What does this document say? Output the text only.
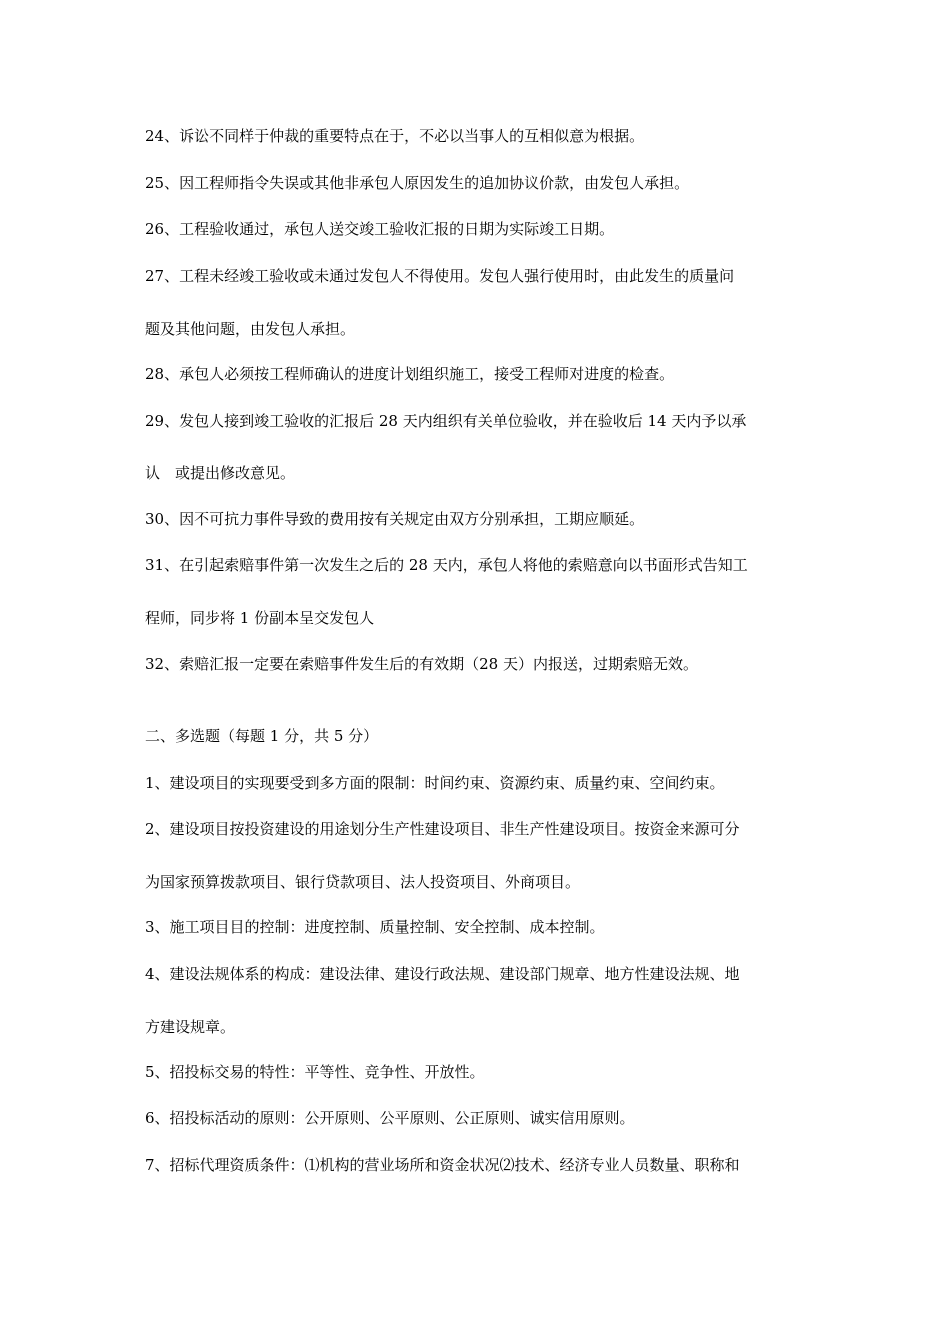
24、诉讼不同样于仲裁的重要特点在于，不必以当事人的互相似意为根据。
25、因工程师指令失误或其他非承包人原因发生的追加协议价款，由发包人承担。
26、工程验收通过，承包人送交竣工验收汇报的日期为实际竣工日期。
27、工程未经竣工验收或未通过发包人不得使用。发包人强行使用时，由此发生的质量问
题及其他问题，由发包人承担。
28、承包人必须按工程师确认的进度计划组织施工，接受工程师对进度的检查。
29、发包人接到竣工验收的汇报后 28 天内组织有关单位验收，并在验收后 14 天内予以承
认　或提出修改意见。
30、因不可抗力事件导致的费用按有关规定由双方分别承担，工期应顺延。
31、在引起索赔事件第一次发生之后的 28 天内，承包人将他的索赔意向以书面形式告知工
程师，同步将 1 份副本呈交发包人
32、索赔汇报一定要在索赔事件发生后的有效期（28 天）内报送，过期索赔无效。
二、多选题（每题 1 分，共 5 分）
1、建设项目的实现要受到多方面的限制：时间约束、资源约束、质量约束、空间约束。
2、建设项目按投资建设的用途划分生产性建设项目、非生产性建设项目。按资金来源可分
为国家预算拨款项目、银行贷款项目、法人投资项目、外商项目。
3、施工项目目的控制：进度控制、质量控制、安全控制、成本控制。
4、建设法规体系的构成：建设法律、建设行政法规、建设部门规章、地方性建设法规、地
方建设规章。
5、招投标交易的特性：平等性、竞争性、开放性。
6、招投标活动的原则：公开原则、公平原则、公正原则、诚实信用原则。
7、招标代理资质条件：⑴机构的营业场所和资金状况⑵技术、经济专业人员数量、职称和
